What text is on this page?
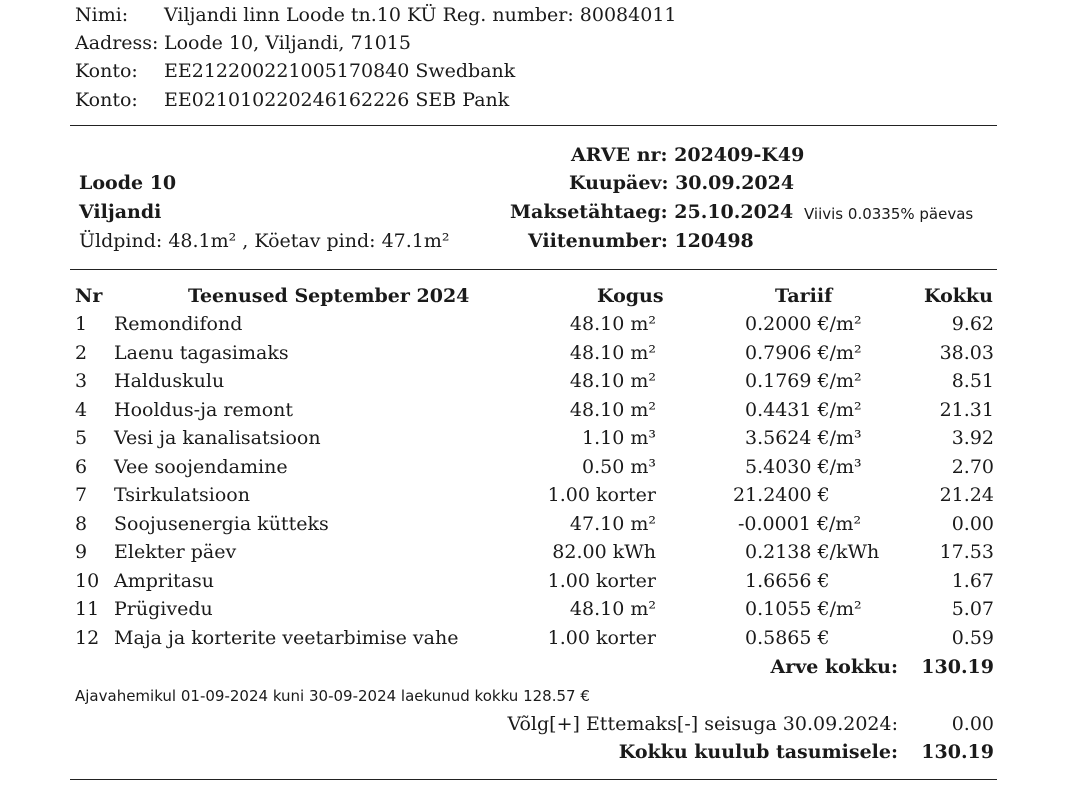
Nimi: Viljandi linn Loode tn.10 KÜ Reg. number: 80084011
Aadress: Loode 10, Viljandi, 71015
Konto: EE212200221005170840 Swedbank
Konto: EE021010220246162226 SEB Pank
Loode 10
Viljandi
Üldpind: 48.1m² , Köetav pind: 47.1m²
ARVE nr: 202409-K49
Kuupäev: 30.09.2024
Maksetähtaeg: 25.10.2024 Viivis 0.0335% päevas
Viitenumber: 120498
Nr	Teenused September 2024	Kogus	Tariif	Kokku
1 Remondifond	48.10 m²	0.2000 €/m²	9.62
2 Laenu tagasimaks	48.10 m²	0.7906 €/m²	38.03
3 Halduskulu	48.10 m²	0.1769 €/m²	8.51
4 Hooldus-ja remont	48.10 m²	0.4431 €/m²	21.31
5 Vesi ja kanalisatsioon	1.10 m³	3.5624 €/m³	3.92
6 Vee soojendamine	0.50 m³	5.4030 €/m³	2.70
7 Tsirkulatsioon	1.00 korter	21.2400 €	21.24
8 Soojusenergia kütteks	47.10 m²	-0.0001 €/m²	0.00
9 Elekter päev	82.00 kWh	0.2138 €/kWh	17.53
10 Ampritasu	1.00 korter	1.6656 €	1.67
11 Prügivedu	48.10 m²	0.1055 €/m²	5.07
12 Maja ja korterite veetarbimise vahe	1.00 korter	0.5865 €	0.59
Arve kokku: 130.19
Ajavahemikul 01-09-2024 kuni 30-09-2024 laekunud kokku 128.57 €
Võlg[+] Ettemaks[-] seisuga 30.09.2024:	0.00
Kokku kuulub tasumisele: 130.19
